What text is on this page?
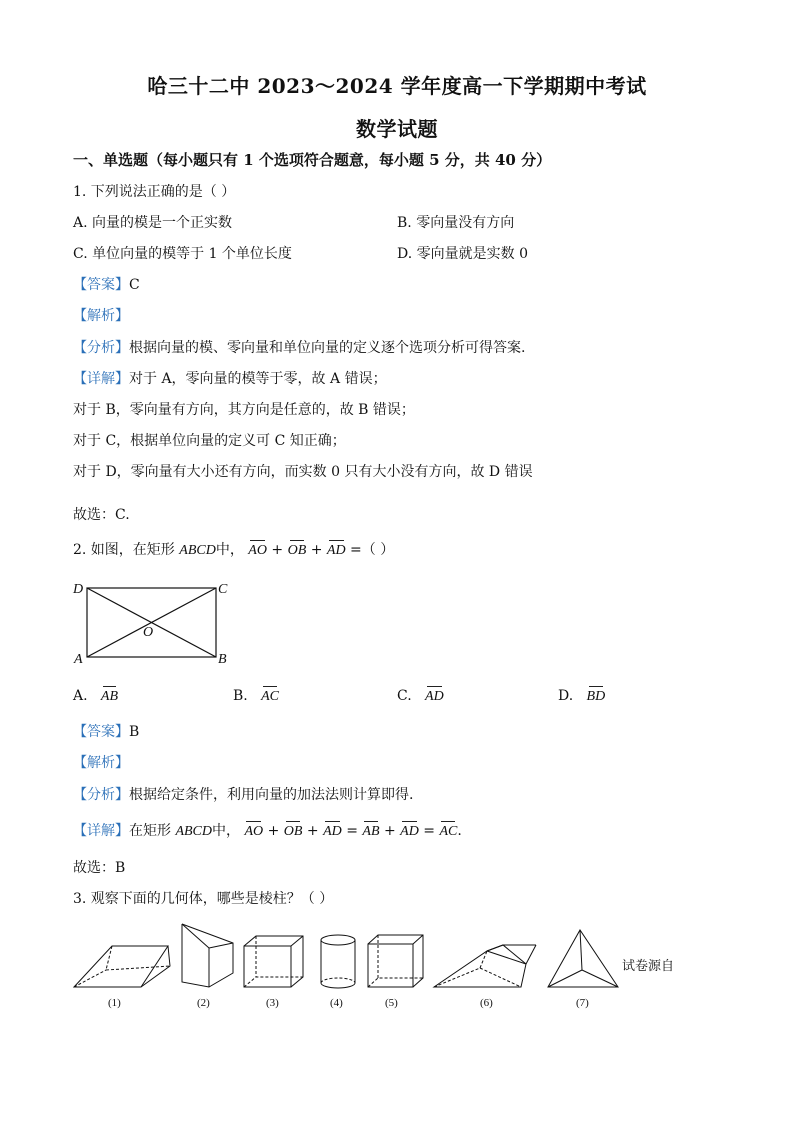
哈三十二中 2023～2024 学年度高一下学期期中考试
数学试题
一、单选题（每小题只有 1 个选项符合题意，每小题 5 分，共 40 分）
1. 下列说法正确的是（ ）
A. 向量的模是一个正实数	B. 零向量没有方向
C. 单位向量的模等于 1 个单位长度	D. 零向量就是实数 0
【答案】C
【解析】
【分析】根据向量的模、零向量和单位向量的定义逐个选项分析可得答案.
【详解】对于 A，零向量的模等于零，故 A 错误；
对于 B，零向量有方向，其方向是任意的，故 B 错误；
对于 C，根据单位向量的定义可 C 知正确；
对于 D，零向量有大小还有方向，而实数 0 只有大小没有方向，故 D 错误
故选：C.
2. 如图，在矩形 ABCD中， AO + OB + AD =（ ）
D	C
A	B
O
A. AB	B. AC	C. AD	D. BD
【答案】B
【解析】
【分析】根据给定条件，利用向量的加法法则计算即得.
【详解】在矩形 ABCD中， AO + OB + AD = AB + AD = AC.
故选：B
3. 观察下面的几何体，哪些是棱柱？（ ）
(1)	(2)	(3)	(4)	(5)	(6)	(7)
试卷源自
